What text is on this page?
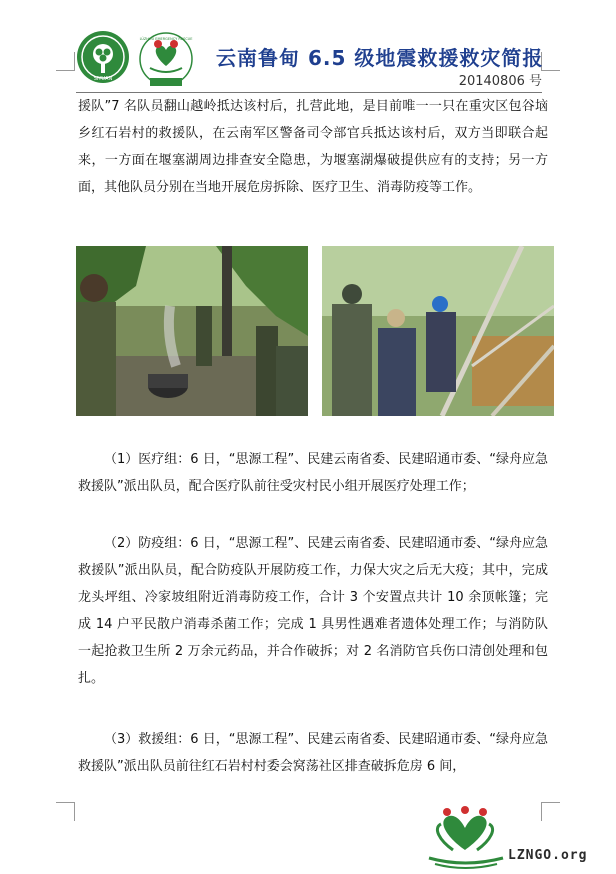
SIYUAN
LÜZHOU EMERGENCY RESCUE
云南鲁甸 6.5 级地震救援救灾简报
20140806 号

援队”7 名队员翻山越岭抵达该村后，扎营此地，是目前唯一一只在重灾区包谷垴乡红石岩村的救援队，在云南军区警备司令部官兵抵达该村后，双方当即联合起来，一方面在堰塞湖周边排查安全隐患，为堰塞湖爆破提供应有的支持；另一方面，其他队员分别在当地开展危房拆除、医疗卫生、消毒防疫等工作。

（1）医疗组：6 日，“思源工程”、民建云南省委、民建昭通市委、“绿舟应急救援队”派出队员，配合医疗队前往受灾村民小组开展医疗处理工作；

（2）防疫组：6 日，“思源工程”、民建云南省委、民建昭通市委、“绿舟应急救援队”派出队员，配合防疫队开展防疫工作，力保大灾之后无大疫；其中，完成龙头坪组、冷家坡组附近消毒防疫工作，合计 3 个安置点共计 10 余顶帐篷；完成 14 户平民散户消毒杀菌工作；完成 1 具男性遇难者遗体处理工作；与消防队一起抢救卫生所 2 万余元药品，并合作破拆；对 2 名消防官兵伤口清创处理和包扎。

（3）救援组：6 日，“思源工程”、民建云南省委、民建昭通市委、“绿舟应急救援队”派出队员前往红石岩村村委会窝荡社区排查破拆危房 6 间，

LZNGO.org
